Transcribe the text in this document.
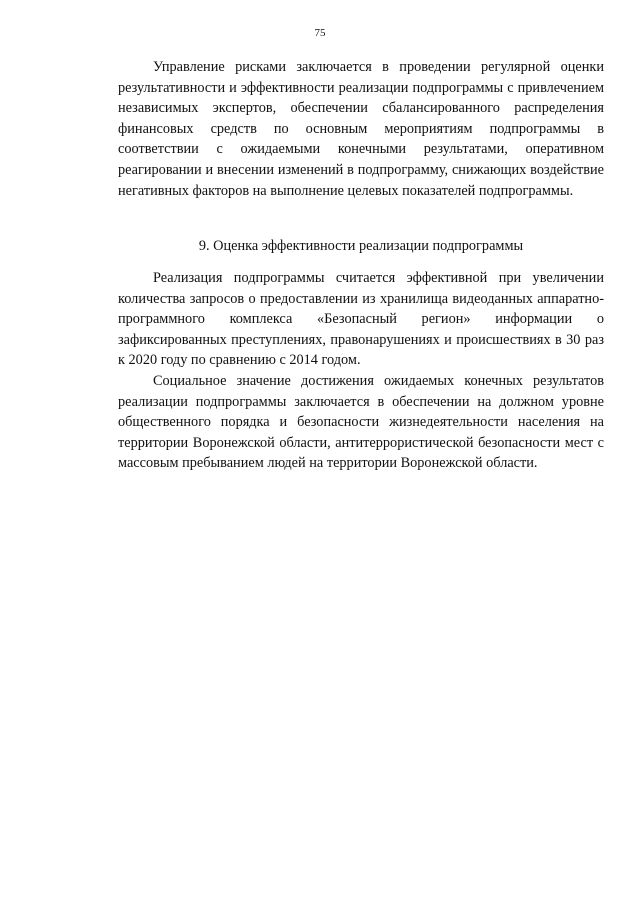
75

Управление рисками заключается в проведении регулярной оценки результативности и эффективности реализации подпрограммы с привлечением независимых экспертов, обеспечении сбалансированного распределения финансовых средств по основным мероприятиям подпрограммы в соответствии с ожидаемыми конечными результатами, оперативном реагировании и внесении изменений в подпрограмму, снижающих воздействие негативных факторов на выполнение целевых показателей подпрограммы.

9. Оценка эффективности реализации подпрограммы

Реализация подпрограммы считается эффективной при увеличении количества запросов о предоставлении из хранилища видеоданных аппаратно-программного комплекса «Безопасный регион» информации о зафиксированных преступлениях, правонарушениях и происшествиях в 30 раз к 2020 году по сравнению с 2014 годом.

Социальное значение достижения ожидаемых конечных результатов реализации подпрограммы заключается в обеспечении на должном уровне общественного порядка и безопасности жизнедеятельности населения на территории Воронежской области, антитеррористической безопасности мест с массовым пребыванием людей на территории Воронежской области.
